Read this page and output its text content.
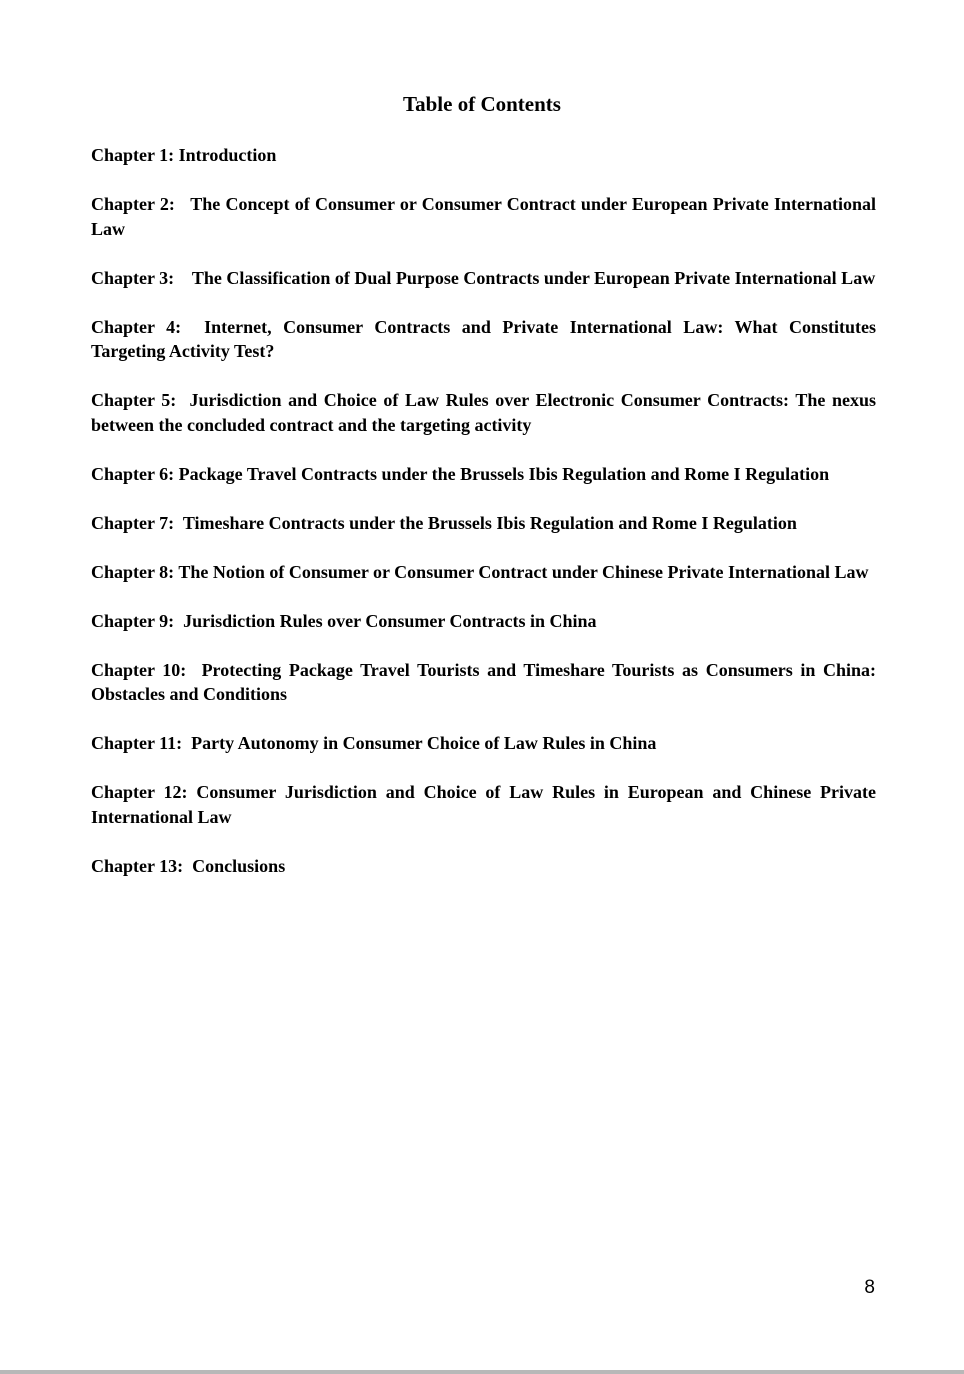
Table of Contents
Chapter 1: Introduction
Chapter 2:   The Concept of Consumer or Consumer Contract under European Private International Law
Chapter 3:    The Classification of Dual Purpose Contracts under European Private International Law
Chapter 4:  Internet, Consumer Contracts and Private International Law: What Constitutes Targeting Activity Test?
Chapter 5:  Jurisdiction and Choice of Law Rules over Electronic Consumer Contracts: The nexus between the concluded contract and the targeting activity
Chapter 6: Package Travel Contracts under the Brussels Ibis Regulation and Rome I Regulation
Chapter 7:  Timeshare Contracts under the Brussels Ibis Regulation and Rome I Regulation
Chapter 8: The Notion of Consumer or Consumer Contract under Chinese Private International Law
Chapter 9:  Jurisdiction Rules over Consumer Contracts in China
Chapter 10:  Protecting Package Travel Tourists and Timeshare Tourists as Consumers in China: Obstacles and Conditions
Chapter 11:  Party Autonomy in Consumer Choice of Law Rules in China
Chapter 12: Consumer Jurisdiction and Choice of Law Rules in European and Chinese Private International Law
Chapter 13:  Conclusions
8
